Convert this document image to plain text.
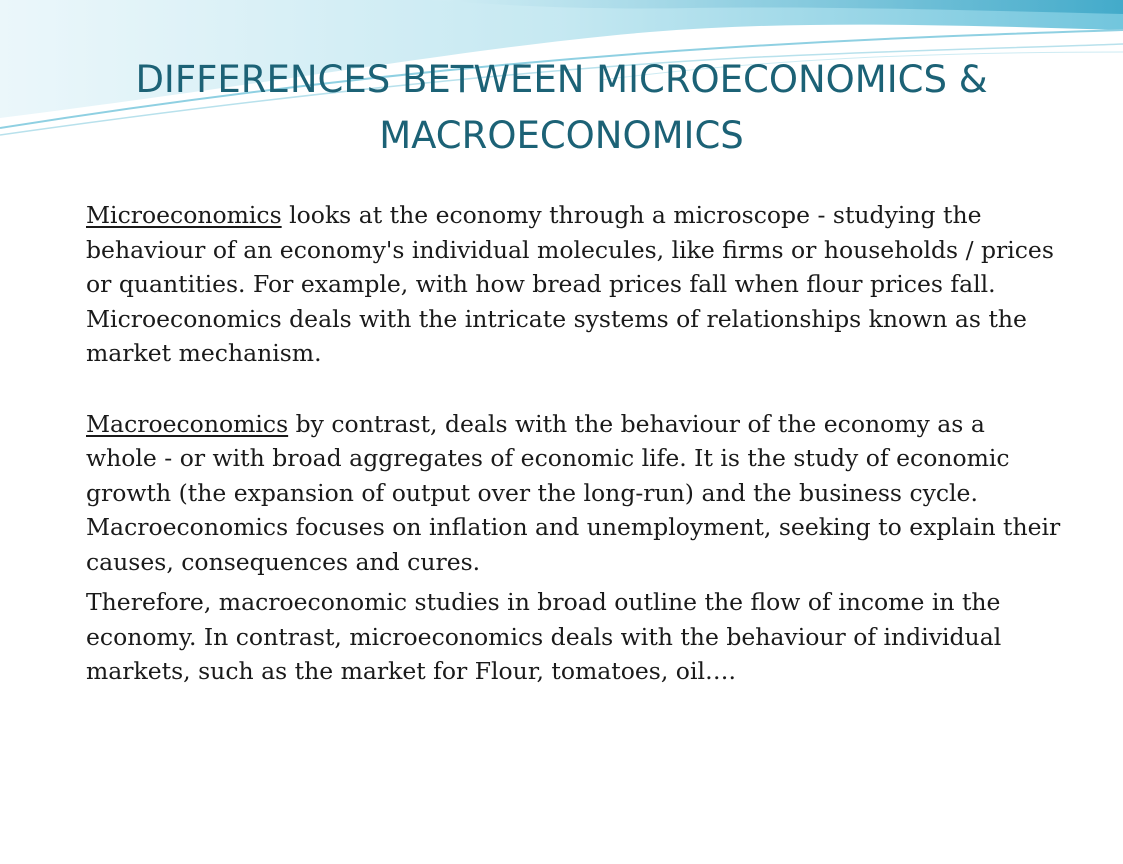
DIFFERENCES BETWEEN MICROECONOMICS &
MACROECONOMICS

Microeconomics looks at the economy through a microscope - studying the behaviour of an economy's individual molecules, like firms or households / prices or quantities. For example, with how bread prices fall when flour prices fall. Microeconomics deals with the intricate systems of relationships known as the market mechanism.

Macroeconomics by contrast, deals with the behaviour of the economy as a whole - or with broad aggregates of economic life. It is the study of economic growth (the expansion of output over the long-run) and the business cycle. Macroeconomics focuses on inflation and unemployment, seeking to explain their causes, consequences and cures.

Therefore, macroeconomic studies in broad outline the flow of income in the economy. In contrast, microeconomics deals with the behaviour of individual markets, such as the market for Flour, tomatoes, oil….
